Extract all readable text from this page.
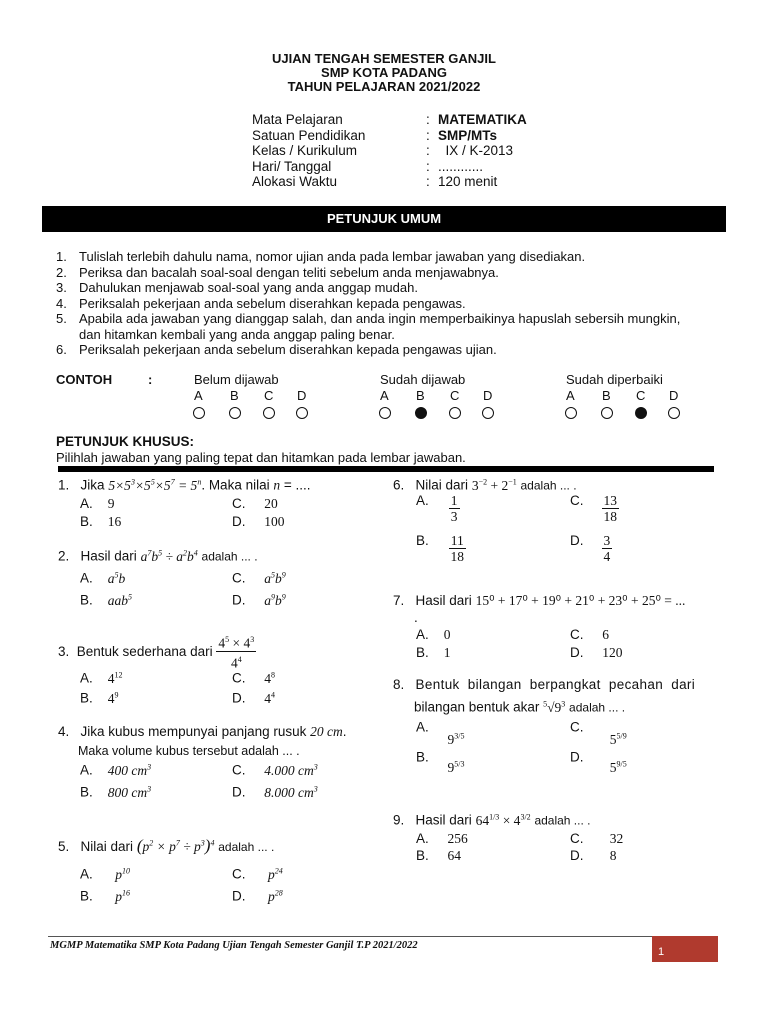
UJIAN TENGAH SEMESTER GANJIL
SMP KOTA PADANG
TAHUN PELAJARAN 2021/2022
Mata Pelajaran	: MATEMATIKA
Satuan Pendidikan	: SMP/MTs
Kelas / Kurikulum	: IX / K-2013
Hari/ Tanggal	: ............
Alokasi Waktu	: 120 menit
PETUNJUK UMUM
1. Tulislah terlebih dahulu nama, nomor ujian anda pada lembar jawaban yang disediakan.
2. Periksa dan bacalah soal-soal dengan teliti sebelum anda menjawabnya.
3. Dahulukan menjawab soal-soal yang anda anggap mudah.
4. Periksalah pekerjaan anda sebelum diserahkan kepada pengawas.
5. Apabila ada jawaban yang dianggap salah, dan anda ingin memperbaikinya hapuslah sebersih mungkin, dan hitamkan kembali yang anda anggap paling benar.
6. Periksalah pekerjaan anda sebelum diserahkan kepada pengawas ujian.
CONTOH	:	Belum dijawab
A B C D
Sudah dijawab
A B C D
Sudah diperbaiki
A B C D
PETUNJUK KHUSUS:
Pilihlah jawaban yang paling tepat dan hitamkan pada lembar jawaban.
1. Jika $5\times 5^3\times 5^5\times 5^7 = 5^n$. Maka nilai n = ....
A.    9
B.    16
C.     20
D.     100
2. Hasil dari $a^7b^5 \div a^2b^4$ adalah ... .
A.    $a^5b$
B.    aab$^5$
C.     $a^5b^9$
D.     $a^9b^9$
3.
Bentuk sederhana dari
$\frac{4^5 \times 4^3}{4^4}$
A.    $4^{12}$
B.    $4^9$
C.     $4^8$
D.     $4^4$
4. Jika kubus mempunyai panjang rusuk 20 cm.
Maka volume kubus tersebut adalah ... .
A.    400 $cm^3$
B.    800 $cm^3$
C.     4.000 $cm^3$
D.     8.000 $cm^3$
5. Nilai dari $(p^2 \times p^7 \div p^3)^4$ adalah ... .
A.      $p^{10}$
B.      $p^{16}$
C.      $p^{24}$
D.      $p^{28}$
6. Nilai dari $3^{-2} + 2^{-1}$ adalah ... .
A. $\frac{1}{3}$
B. $\frac{11}{18}$
C. $\frac{13}{18}$
D. $\frac{3}{4}$
7. Hasil dari 15⁰ + 17⁰ + 19⁰ + 21⁰ + 23⁰ + 25⁰ = ...
.
A.    0
B.    1
C.     6
D.     120
8. Bentuk bilangan berpangkat pecahan dari
bilangan bentuk akar $^5√9^3$ adalah ... .
A.     $9^{3/5}$
B.     $9^{5/3}$
C.       $5^{5/9}$
D.       $5^{9/5}$
9. Hasil dari $64^{1/3} \times 4^{3/2}$ adalah ... .
A.     256
B.     64
C.       32
D.       8
MGMP Matematika SMP Kota Padang Ujian Tengah Semester Ganjil T.P 2021/2022
1
